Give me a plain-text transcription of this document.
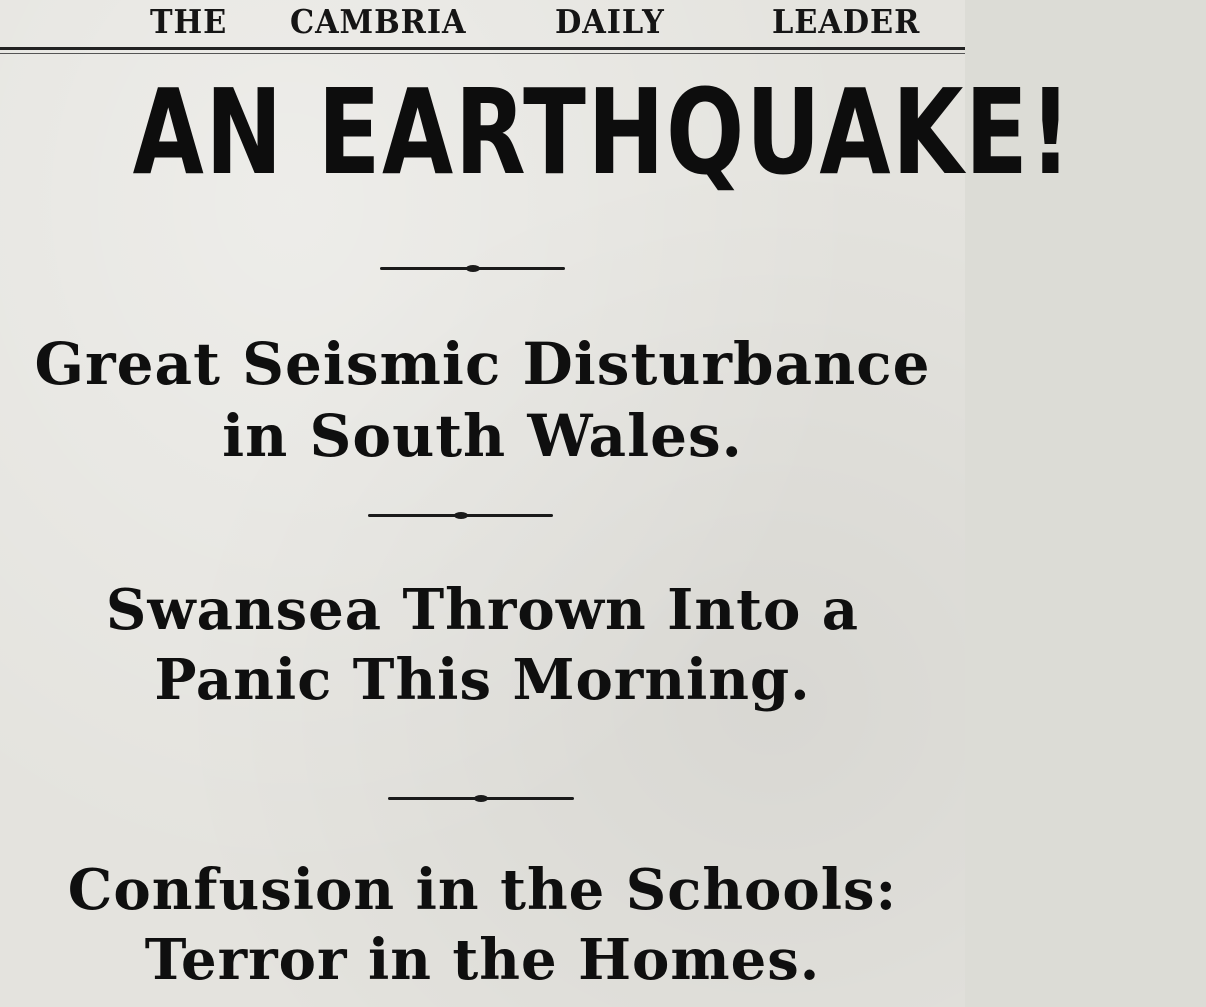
THE CAMBRIA	DAILY	LEADER
AN EARTHQUAKE!
Great Seismic Disturbance
in South Wales.
Swansea Thrown Into a
Panic This Morning.
Confusion in the Schools:
Terror in the Homes.
